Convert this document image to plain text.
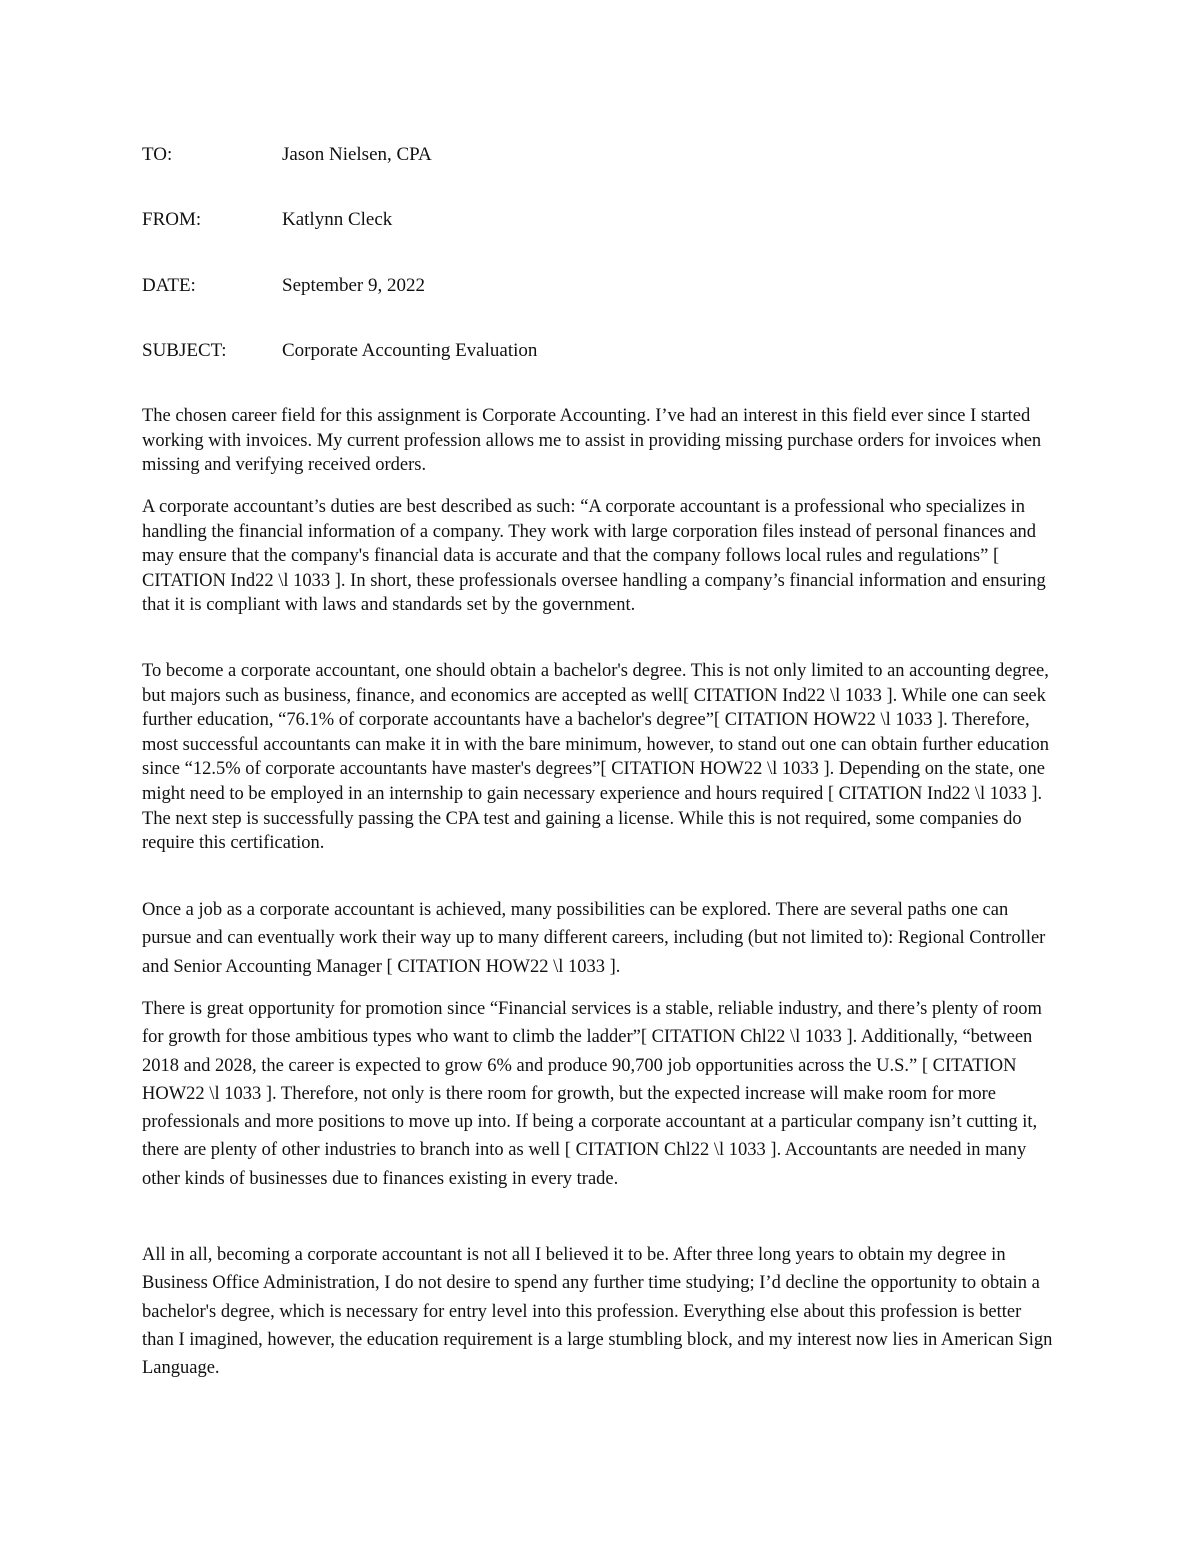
TO:	Jason Nielsen, CPA
FROM:	Katlynn Cleck
DATE:	September 9, 2022
SUBJECT:	Corporate Accounting Evaluation

The chosen career field for this assignment is Corporate Accounting. I’ve had an interest in this field ever since I started working with invoices. My current profession allows me to assist in providing missing purchase orders for invoices when missing and verifying received orders.

A corporate accountant’s duties are best described as such: “A corporate accountant is a professional who specializes in handling the financial information of a company. They work with large corporation files instead of personal finances and may ensure that the company's financial data is accurate and that the company follows local rules and regulations” [ CITATION Ind22 \l 1033 ]. In short, these professionals oversee handling a company’s financial information and ensuring that it is compliant with laws and standards set by the government.

To become a corporate accountant, one should obtain a bachelor's degree. This is not only limited to an accounting degree, but majors such as business, finance, and economics are accepted as well[ CITATION Ind22 \l 1033 ]. While one can seek further education, “76.1% of corporate accountants have a bachelor's degree”[ CITATION HOW22 \l 1033 ]. Therefore, most successful accountants can make it in with the bare minimum, however, to stand out one can obtain further education since “12.5% of corporate accountants have master's degrees”[ CITATION HOW22 \l 1033 ]. Depending on the state, one might need to be employed in an internship to gain necessary experience and hours required [ CITATION Ind22 \l 1033 ]. The next step is successfully passing the CPA test and gaining a license. While this is not required, some companies do require this certification.

Once a job as a corporate accountant is achieved, many possibilities can be explored. There are several paths one can pursue and can eventually work their way up to many different careers, including (but not limited to): Regional Controller and Senior Accounting Manager [ CITATION HOW22 \l 1033 ].

There is great opportunity for promotion since “Financial services is a stable, reliable industry, and there’s plenty of room for growth for those ambitious types who want to climb the ladder”[ CITATION Chl22 \l 1033 ]. Additionally, “between 2018 and 2028, the career is expected to grow 6% and produce 90,700 job opportunities across the U.S.” [ CITATION HOW22 \l 1033 ]. Therefore, not only is there room for growth, but the expected increase will make room for more professionals and more positions to move up into. If being a corporate accountant at a particular company isn’t cutting it, there are plenty of other industries to branch into as well [ CITATION Chl22 \l 1033 ]. Accountants are needed in many other kinds of businesses due to finances existing in every trade.

All in all, becoming a corporate accountant is not all I believed it to be. After three long years to obtain my degree in Business Office Administration, I do not desire to spend any further time studying; I’d decline the opportunity to obtain a bachelor's degree, which is necessary for entry level into this profession. Everything else about this profession is better than I imagined, however, the education requirement is a large stumbling block, and my interest now lies in American Sign Language.
